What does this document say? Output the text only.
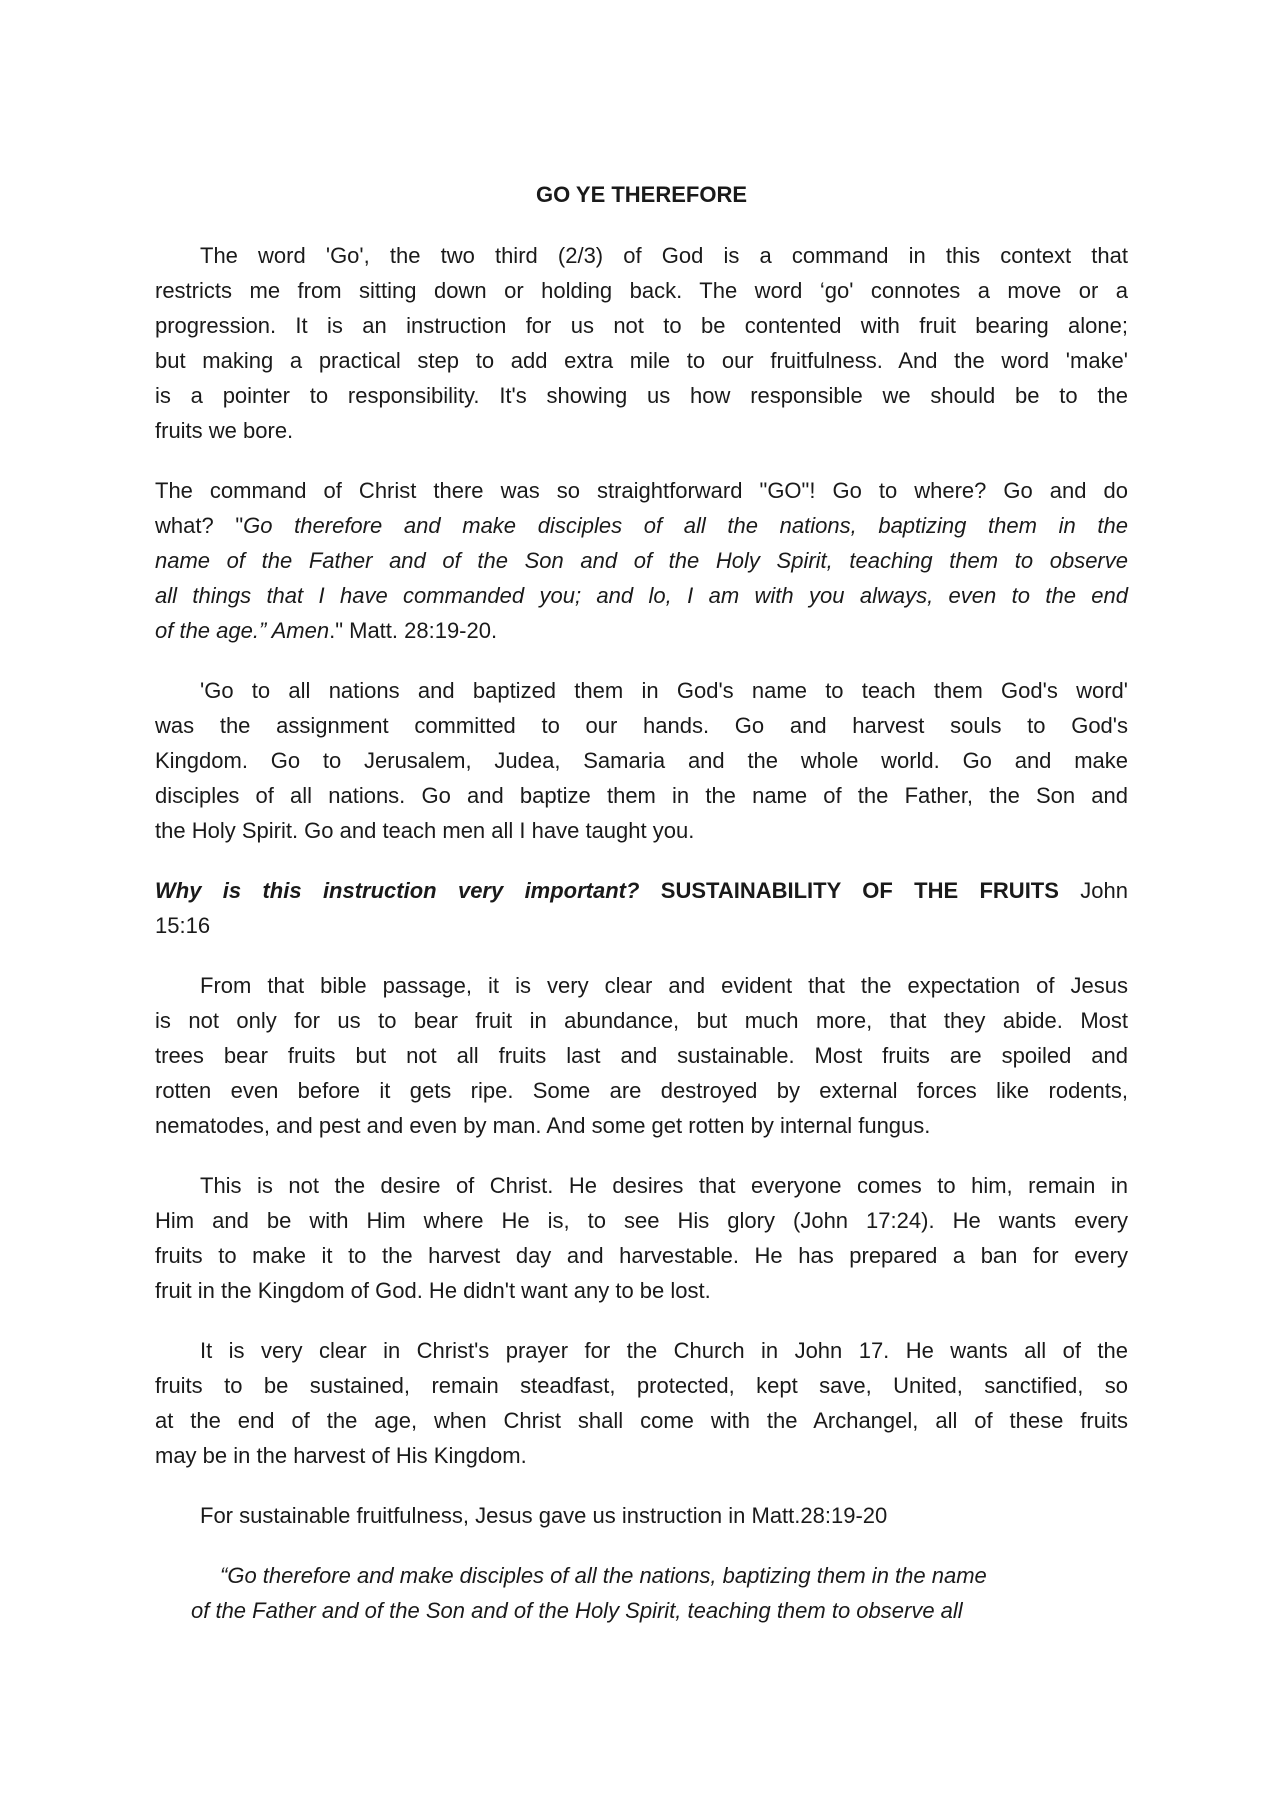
GO YE THEREFORE
The word 'Go', the two third (2/3) of God is a command in this context that
restricts me from sitting down or holding back. The word ‘go' connotes a move or a
progression. It is an instruction for us not to be contented with fruit bearing alone;
but making a practical step to add extra mile to our fruitfulness. And the word 'make'
is a pointer to responsibility. It's showing us how responsible we should be to the
fruits we bore.
The command of Christ there was so straightforward "GO"! Go to where? Go and do
what? "Go therefore and make disciples of all the nations, baptizing them in the
name of the Father and of the Son and of the Holy Spirit, teaching them to observe
all things that I have commanded you; and lo, I am with you always, even to the end
of the age.” Amen." Matt. 28:19-20.
'Go to all nations and baptized them in God's name to teach them God's word'
was the assignment committed to our hands. Go and harvest souls to God's
Kingdom. Go to Jerusalem, Judea, Samaria and the whole world. Go and make
disciples of all nations. Go and baptize them in the name of the Father, the Son and
the Holy Spirit. Go and teach men all I have taught you.
Why is this instruction very important? SUSTAINABILITY OF THE FRUITS John
15:16
From that bible passage, it is very clear and evident that the expectation of Jesus
is not only for us to bear fruit in abundance, but much more, that they abide. Most
trees bear fruits but not all fruits last and sustainable. Most fruits are spoiled and
rotten even before it gets ripe. Some are destroyed by external forces like rodents,
nematodes, and pest and even by man. And some get rotten by internal fungus.
This is not the desire of Christ. He desires that everyone comes to him, remain in
Him and be with Him where He is, to see His glory (John 17:24). He wants every
fruits to make it to the harvest day and harvestable. He has prepared a ban for every
fruit in the Kingdom of God. He didn't want any to be lost.
It is very clear in Christ's prayer for the Church in John 17. He wants all of the
fruits to be sustained, remain steadfast, protected, kept save, United, sanctified, so
at the end of the age, when Christ shall come with the Archangel, all of these fruits
may be in the harvest of His Kingdom.
For sustainable fruitfulness, Jesus gave us instruction in Matt.28:19-20
“Go therefore and make disciples of all the nations, baptizing them in the name
of the Father and of the Son and of the Holy Spirit, teaching them to observe all
